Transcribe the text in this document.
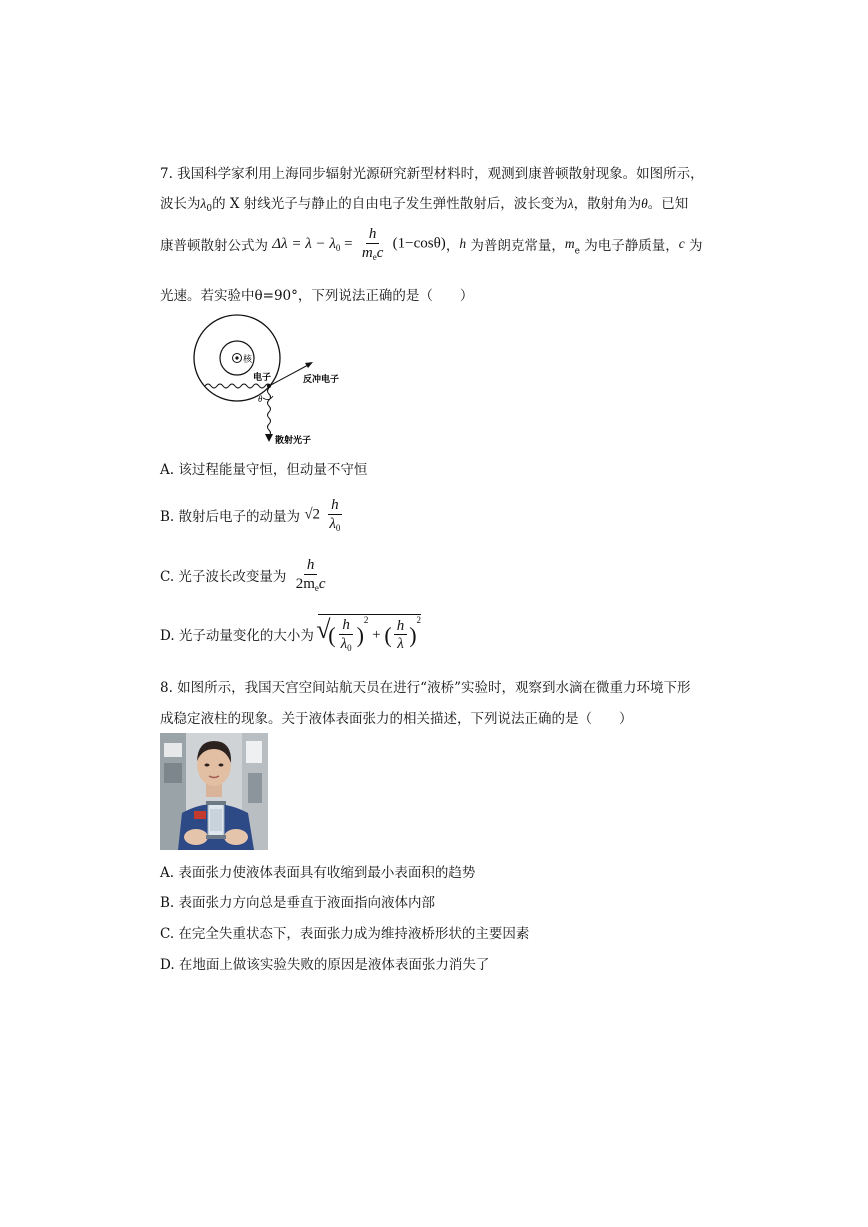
7. 我国科学家利用上海同步辐射光源研究新型材料时，观测到康普顿散射现象。如图所示，
波长为$\lambda_0$的 X 射线光子与静止的自由电子发生弹性散射后，波长变为λ，散射角为θ。已知
康普顿散射公式为 $\Delta\lambda = \lambda - \lambda_0 = \frac{h}{m_ec} (1-\cos\theta)$，h 为普朗克常量，$m_e$ 为电子静质量，c 为
光速。若实验中θ=90°，下列说法正确的是（　　）
核
电子	反冲电子
θ
散射光子
A. 该过程能量守恒，但动量不守恒
B. 散射后电子的动量为 $√2 \frac{h}{\lambda_0}$
C. 光子波长改变量为 $\frac{h}{2m_ec}$
D. 光子动量变化的大小为 √
( $\frac{h}{\lambda_0} )^2$ + ( $\frac{h}{\lambda} )^2$
8. 如图所示，我国天宫空间站航天员在进行“液桥”实验时，观察到水滴在微重力环境下形
成稳定液柱的现象。关于液体表面张力的相关描述，下列说法正确的是（　　）
A. 表面张力使液体表面具有收缩到最小表面积的趋势
B. 表面张力方向总是垂直于液面指向液体内部
C. 在完全失重状态下，表面张力成为维持液桥形状的主要因素
D. 在地面上做该实验失败的原因是液体表面张力消失了
